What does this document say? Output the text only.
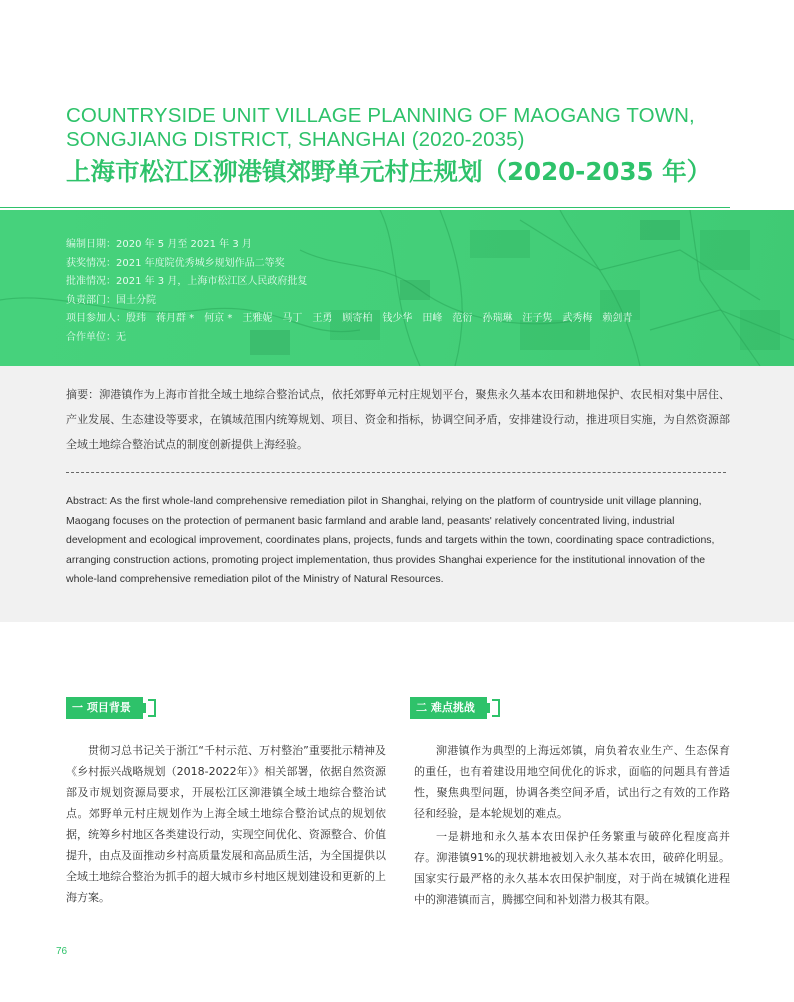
COUNTRYSIDE UNIT VILLAGE PLANNING OF MAOGANG TOWN,
SONGJIANG DISTRICT, SHANGHAI (2020-2035)
上海市松江区泖港镇郊野单元村庄规划（2020-2035 年）
编制日期：2020 年 5 月至 2021 年 3 月
获奖情况：2021 年度院优秀城乡规划作品二等奖
批准情况：2021 年 3 月，上海市松江区人民政府批复
负责部门：国土分院
项目参加人：殷玮　蒋月群 *　何京 *　王雅妮　马丁　王勇　顾寄柏　钱少华　田峰　范衍　孙瑞琳　汪子隽　武秀梅　赖剑青
合作单位：无
摘要：泖港镇作为上海市首批全域土地综合整治试点，依托郊野单元村庄规划平台，聚焦永久基本农田和耕地保护、农民相对集中居住、产业发展、生态建设等要求，在镇域范围内统筹规划、项目、资金和指标，协调空间矛盾，安排建设行动，推进项目实施，为自然资源部全域土地综合整治试点的制度创新提供上海经验。
Abstract: As the first whole-land comprehensive remediation pilot in Shanghai, relying on the platform of countryside unit village planning, Maogang focuses on the protection of permanent basic farmland and arable land, peasants' relatively concentrated living, industrial development and ecological improvement, coordinates plans, projects, funds and targets within the town, coordinating space contradictions, arranging construction actions, promoting project implementation, thus provides Shanghai experience for the institutional innovation of the whole-land comprehensive remediation pilot of the Ministry of Natural Resources.
一 项目背景

贯彻习总书记关于浙江“千村示范、万村整治”重要批示精神及《乡村振兴战略规划（2018-2022年）》相关部署，依据自然资源部及市规划资源局要求，开展松江区泖港镇全域土地综合整治试点。郊野单元村庄规划作为上海全域土地综合整治试点的规划依据，统筹乡村地区各类建设行动，实现空间优化、资源整合、价值提升，由点及面推动乡村高质量发展和高品质生活，为全国提供以全域土地综合整治为抓手的超大城市乡村地区规划建设和更新的上海方案。

二 难点挑战

泖港镇作为典型的上海远郊镇，肩负着农业生产、生态保育的重任，也有着建设用地空间优化的诉求，面临的问题具有普适性，聚焦典型问题，协调各类空间矛盾，试出行之有效的工作路径和经验，是本轮规划的难点。

一是耕地和永久基本农田保护任务繁重与破碎化程度高并存。泖港镇91%的现状耕地被划入永久基本农田，破碎化明显。国家实行最严格的永久基本农田保护制度，对于尚在城镇化进程中的泖港镇而言，腾挪空间和补划潜力极其有限。

76
